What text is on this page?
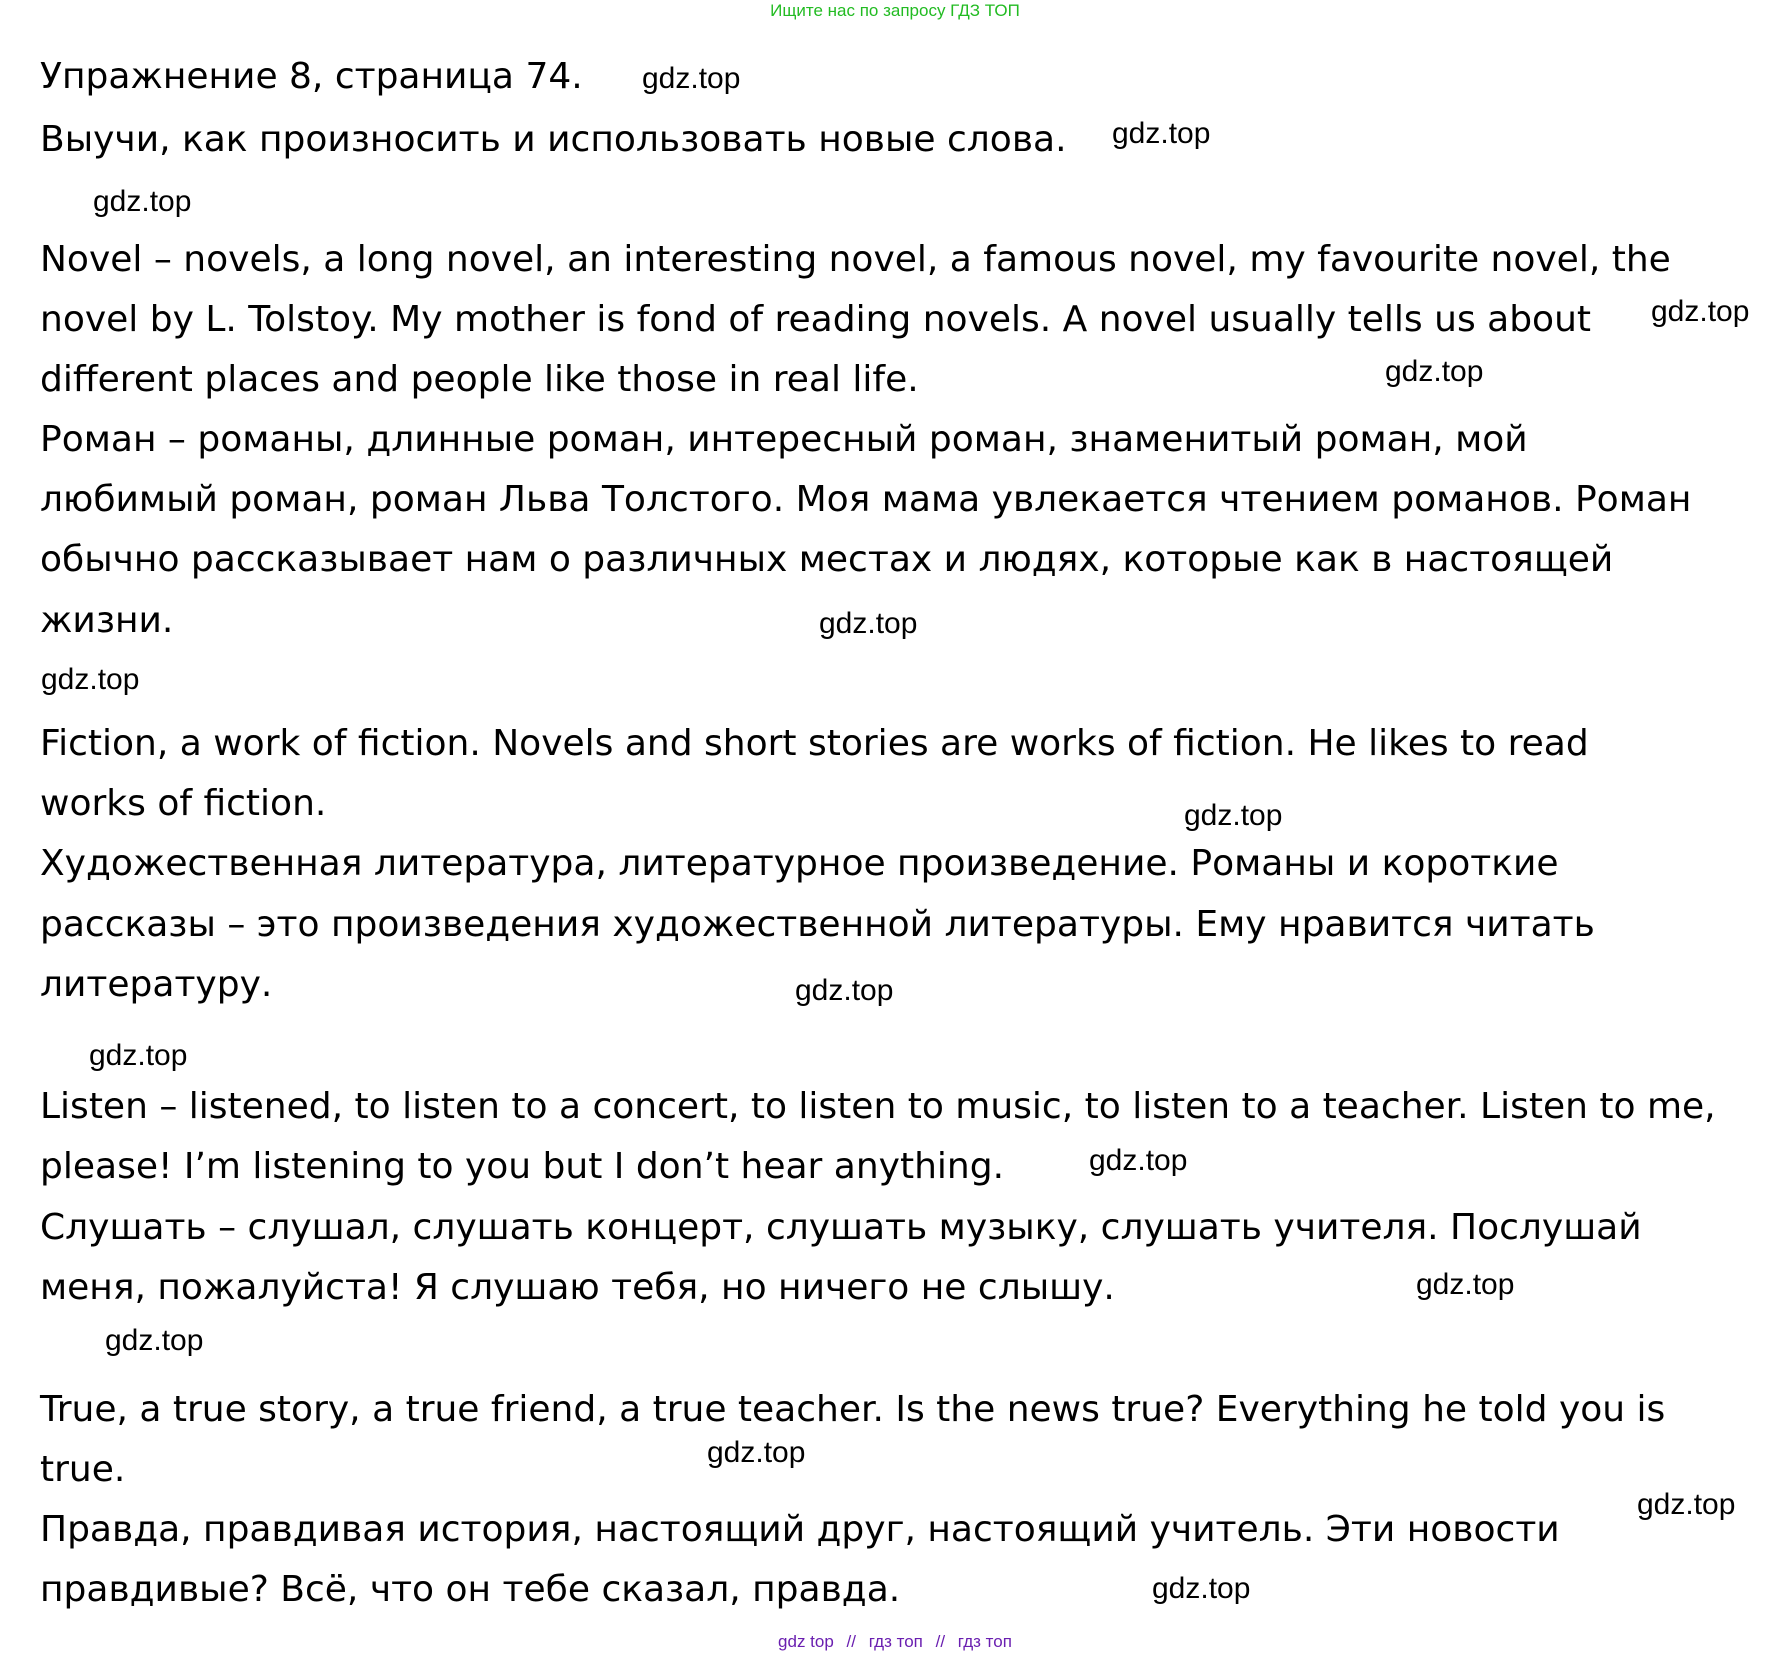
Ищите нас по запросу ГДЗ ТОП
Упражнение 8, страница 74.
Выучи, как произносить и использовать новые слова.
Novel – novels, a long novel, an interesting novel, a famous novel, my favourite novel, the
novel by L. Tolstoy. My mother is fond of reading novels. A novel usually tells us about
different places and people like those in real life.
Роман – романы, длинные роман, интересный роман, знаменитый роман, мой
любимый роман, роман Льва Толстого. Моя мама увлекается чтением романов. Роман
обычно рассказывает нам о различных местах и людях, которые как в настоящей
жизни.
Fiction, a work of fiction. Novels and short stories are works of fiction. He likes to read
works of fiction.
Художественная литература, литературное произведение. Романы и короткие
рассказы – это произведения художественной литературы. Ему нравится читать
литературу.
Listen – listened, to listen to a concert, to listen to music, to listen to a teacher. Listen to me,
please! I’m listening to you but I don’t hear anything.
Слушать – слушал, слушать концерт, слушать музыку, слушать учителя. Послушай
меня, пожалуйста! Я слушаю тебя, но ничего не слышу.
True, a true story, a true friend, a true teacher. Is the news true? Everything he told you is
true.
Правда, правдивая история, настоящий друг, настоящий учитель. Эти новости
правдивые? Всё, что он тебе сказал, правда.
gdz.top
gdz.top
gdz.top
gdz.top
gdz.top
gdz.top
gdz.top
gdz.top
gdz.top
gdz.top
gdz.top
gdz.top
gdz.top
gdz.top
gdz.top
gdz.top
gdz top // гдз топ // гдз топ
